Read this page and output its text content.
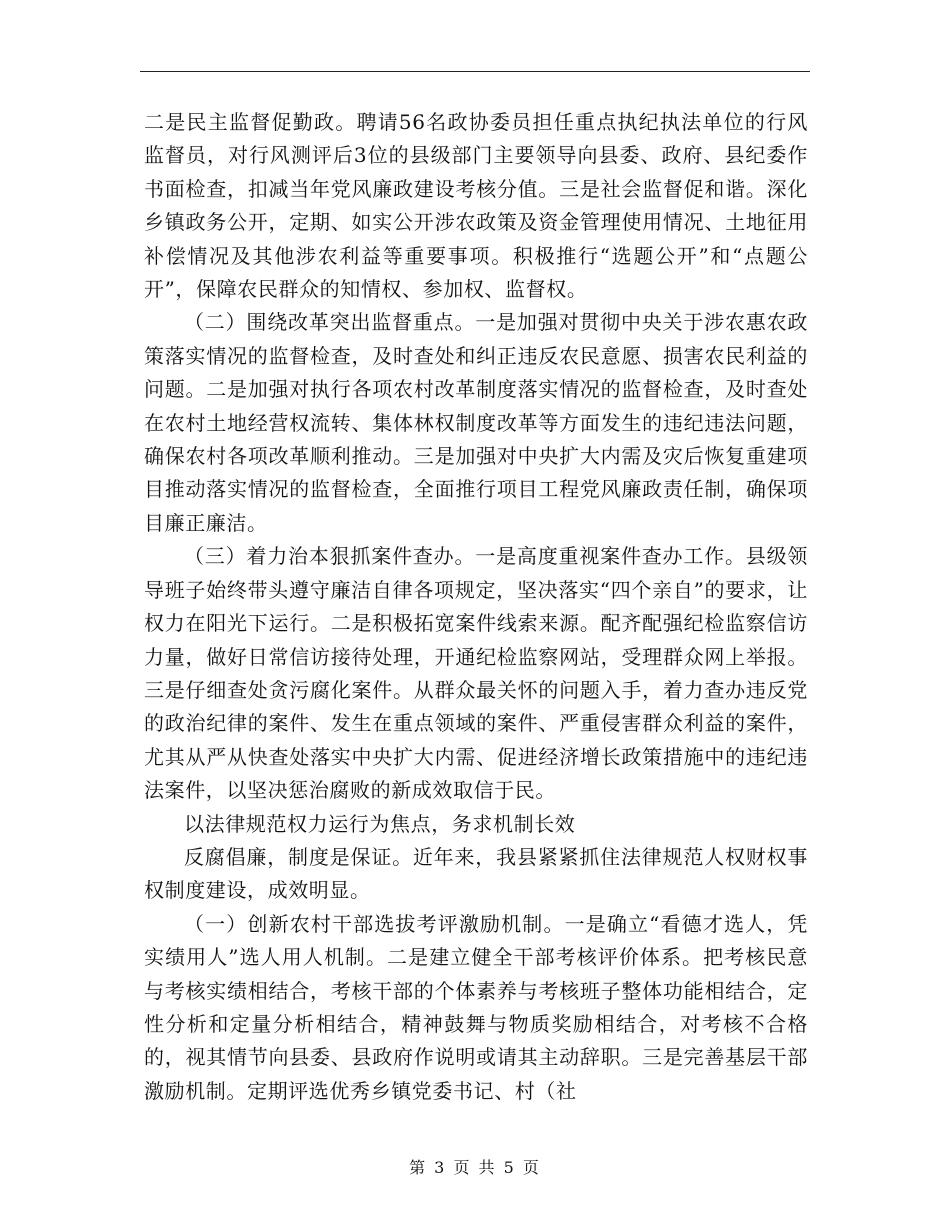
二是民主监督促勤政。聘请56名政协委员担任重点执纪执法单位的行风监督员，对行风测评后3位的县级部门主要领导向县委、政府、县纪委作书面检查，扣减当年党风廉政建设考核分值。三是社会监督促和谐。深化乡镇政务公开，定期、如实公开涉农政策及资金管理使用情况、土地征用补偿情况及其他涉农利益等重要事项。积极推行“选题公开”和“点题公开”，保障农民群众的知情权、参加权、监督权。

（二）围绕改革突出监督重点。一是加强对贯彻中央关于涉农惠农政策落实情况的监督检查，及时查处和纠正违反农民意愿、损害农民利益的问题。二是加强对执行各项农村改革制度落实情况的监督检查，及时查处在农村土地经营权流转、集体林权制度改革等方面发生的违纪违法问题，确保农村各项改革顺利推动。三是加强对中央扩大内需及灾后恢复重建项目推动落实情况的监督检查，全面推行项目工程党风廉政责任制，确保项目廉正廉洁。

（三）着力治本狠抓案件查办。一是高度重视案件查办工作。县级领导班子始终带头遵守廉洁自律各项规定，坚决落实“四个亲自”的要求，让权力在阳光下运行。二是积极拓宽案件线索来源。配齐配强纪检监察信访力量，做好日常信访接待处理，开通纪检监察网站，受理群众网上举报。三是仔细查处贪污腐化案件。从群众最关怀的问题入手，着力查办违反党的政治纪律的案件、发生在重点领域的案件、严重侵害群众利益的案件，尤其从严从快查处落实中央扩大内需、促进经济增长政策措施中的违纪违法案件，以坚决惩治腐败的新成效取信于民。

以法律规范权力运行为焦点，务求机制长效

反腐倡廉，制度是保证。近年来，我县紧紧抓住法律规范人权财权事权制度建设，成效明显。

（一）创新农村干部选拔考评激励机制。一是确立“看德才选人，凭实绩用人”选人用人机制。二是建立健全干部考核评价体系。把考核民意与考核实绩相结合，考核干部的个体素养与考核班子整体功能相结合，定性分析和定量分析相结合，精神鼓舞与物质奖励相结合，对考核不合格的，视其情节向县委、县政府作说明或请其主动辞职。三是完善基层干部激励机制。定期评选优秀乡镇党委书记、村（社

第 3 页 共 5 页
